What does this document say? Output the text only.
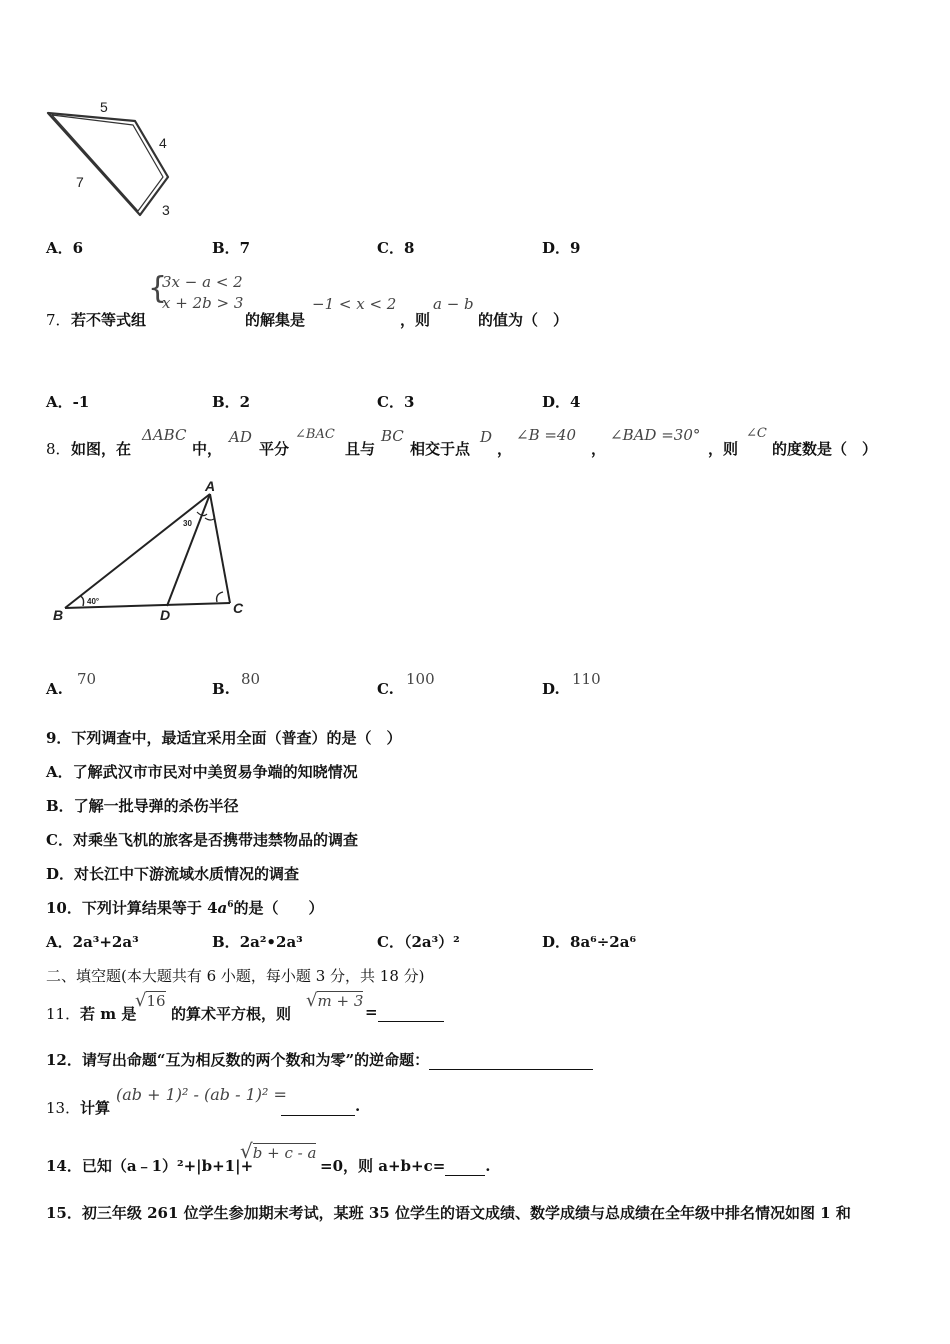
5
4
7
3
A．6	B．7	C．8	D．9
7． 若不等式组
{
3x − a < 2
x + 2b > 3
的解集是
−1 < x < 2
，则
a − b
的值为（　）
A．-1	B．2	C．3	D．4
8． 如图，在
ΔABC
中，
AD
平分
∠BAC
且与
BC
相交于点
D
，
∠B =40
，
∠BAD =30°
，则
∠C
的度数是（　）
A
B	C
D
30
40°
A.
70
B.
80
C.
100
D.
110
9．下列调查中，最适宜采用全面（普查）的是（　）
A．了解武汉市市民对中美贸易争端的知晓情况
B．了解一批导弹的杀伤半径
C．对乘坐飞机的旅客是否携带违禁物品的调查
D．对长江中下游流域水质情况的调查
10．下列计算结果等于 $4a^6$的是（　　）
A．2a³+2a³	B．2a²•2a³	C．（2a³）²	D．8a⁶÷2a⁶
二、填空题(本大题共有 6 小题，每小题 3 分，共 18 分)
11． 若 m 是
√16
的算术平方根，则
√m + 3
=
12．请写出命题“互为相反数的两个数和为零”的逆命题：
13． 计算
(ab + 1)² - (ab - 1)² =
.
14．已知（a﹣1）²+|b+1|+
√b + c - a
=0，则 a+b+c=	.
15．初三年级 261 位学生参加期末考试，某班 35 位学生的语文成绩、数学成绩与总成绩在全年级中排名情况如图 1 和
